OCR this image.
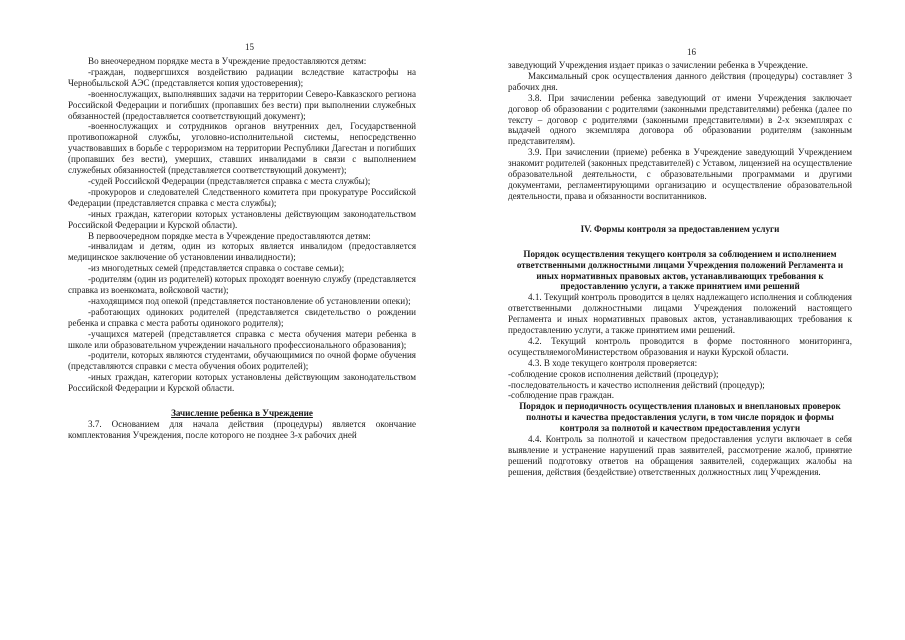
15

Во внеочередном порядке места в Учреждение предоставляются детям:

-граждан, подвергшихся воздействию радиации вследствие катастрофы на Чернобыльской АЭС (представляется копия удостоверения);

-военнослужащих, выполнявших задачи на территории Северо-Кавказского региона Российской Федерации и погибших (пропавших без вести) при выполнении служебных обязанностей (предоставляется соответствующий документ);

-военнослужащих и сотрудников органов внутренних дел, Государственной противопожарной службы, уголовно-исполнительной системы, непосредственно участвовавших в борьбе с терроризмом на территории Республики Дагестан и погибших (пропавших без вести), умерших, ставших инвалидами в связи с выполнением служебных обязанностей (представляется соответствующий документ);

-судей Российской Федерации (представляется справка с места службы);

-прокуроров и следователей Следственного комитета при прокуратуре Российской Федерации (представляется справка с места службы);

-иных граждан, категории которых установлены действующим законодательством Российской Федерации и Курской области).

В первоочередном порядке места в Учреждение предоставляются детям:

-инвалидам и детям, один из которых является инвалидом (предоставляется медицинское заключение об установлении инвалидности);

-из многодетных семей (представляется справка о составе семьи);

-родителям (один из родителей) которых проходят военную службу (представляется справка из военкомата, войсковой части);

-находящимся под опекой (представляется постановление об установлении опеки);

-работающих одиноких родителей (представляется свидетельство о рождении ребенка и справка с места работы одинокого родителя);

-учащихся матерей (представляется справка с места обучения матери ребенка в школе или образовательном учреждении начального профессионального образования);

-родители, которых являются студентами, обучающимися по очной форме обучения (представляются справки с места обучения обоих родителей);

-иных граждан, категории которых установлены действующим законодательством Российской Федерации и Курской области.

Зачисление ребенка в Учреждение

3.7. Основанием для начала действия (процедуры) является окончание комплектования Учреждения, после которого не позднее 3-х рабочих дней

16

заведующий Учреждения издает приказ о зачислении ребенка в Учреждение.

Максимальный срок осуществления данного действия (процедуры) составляет 3 рабочих дня.

3.8. При зачислении ребенка заведующий от имени Учреждения заключает договор об образовании с родителями (законными представителями) ребенка (далее по тексту – договор с родителями (законными представителями) в 2-х экземплярах с выдачей одного экземпляра договора об образовании родителям (законным представителям).

3.9. При зачислении (приеме) ребенка в Учреждение заведующий Учреждением знакомит родителей (законных представителей) с Уставом, лицензией на осуществление образовательной деятельности, с образовательными программами и другими документами, регламентирующими организацию и осуществление образовательной деятельности, права и обязанности воспитанников.

IV. Формы контроля за предоставлением услуги

Порядок осуществления текущего контроля за соблюдением и исполнением ответственными должностными лицами Учреждения положений Регламента и иных нормативных правовых актов, устанавливающих требования к предоставлению услуги, а также принятием ими решений

4.1. Текущий контроль проводится в целях надлежащего исполнения и соблюдения ответственными должностными лицами Учреждения положений настоящего Регламента и иных нормативных правовых актов, устанавливающих требования к предоставлению услуги, а также принятием ими решений.

4.2. Текущий контроль проводится в форме постоянного мониторинга, осуществляемогоМинистерством образования и науки Курской области.

4.3. В ходе текущего контроля проверяется:

-соблюдение сроков исполнения действий (процедур);

-последовательность и качество исполнения действий (процедур);

-соблюдение прав граждан.

Порядок и периодичность осуществления плановых и внеплановых проверок полноты и качества предоставления услуги, в том числе порядок и формы контроля за полнотой и качеством предоставления услуги

4.4. Контроль за полнотой и качеством предоставления услуги включает в себя выявление и устранение нарушений прав заявителей, рассмотрение жалоб, принятие решений подготовку ответов на обращения заявителей, содержащих жалобы на решения, действия (бездействие) ответственных должностных лиц Учреждения.
